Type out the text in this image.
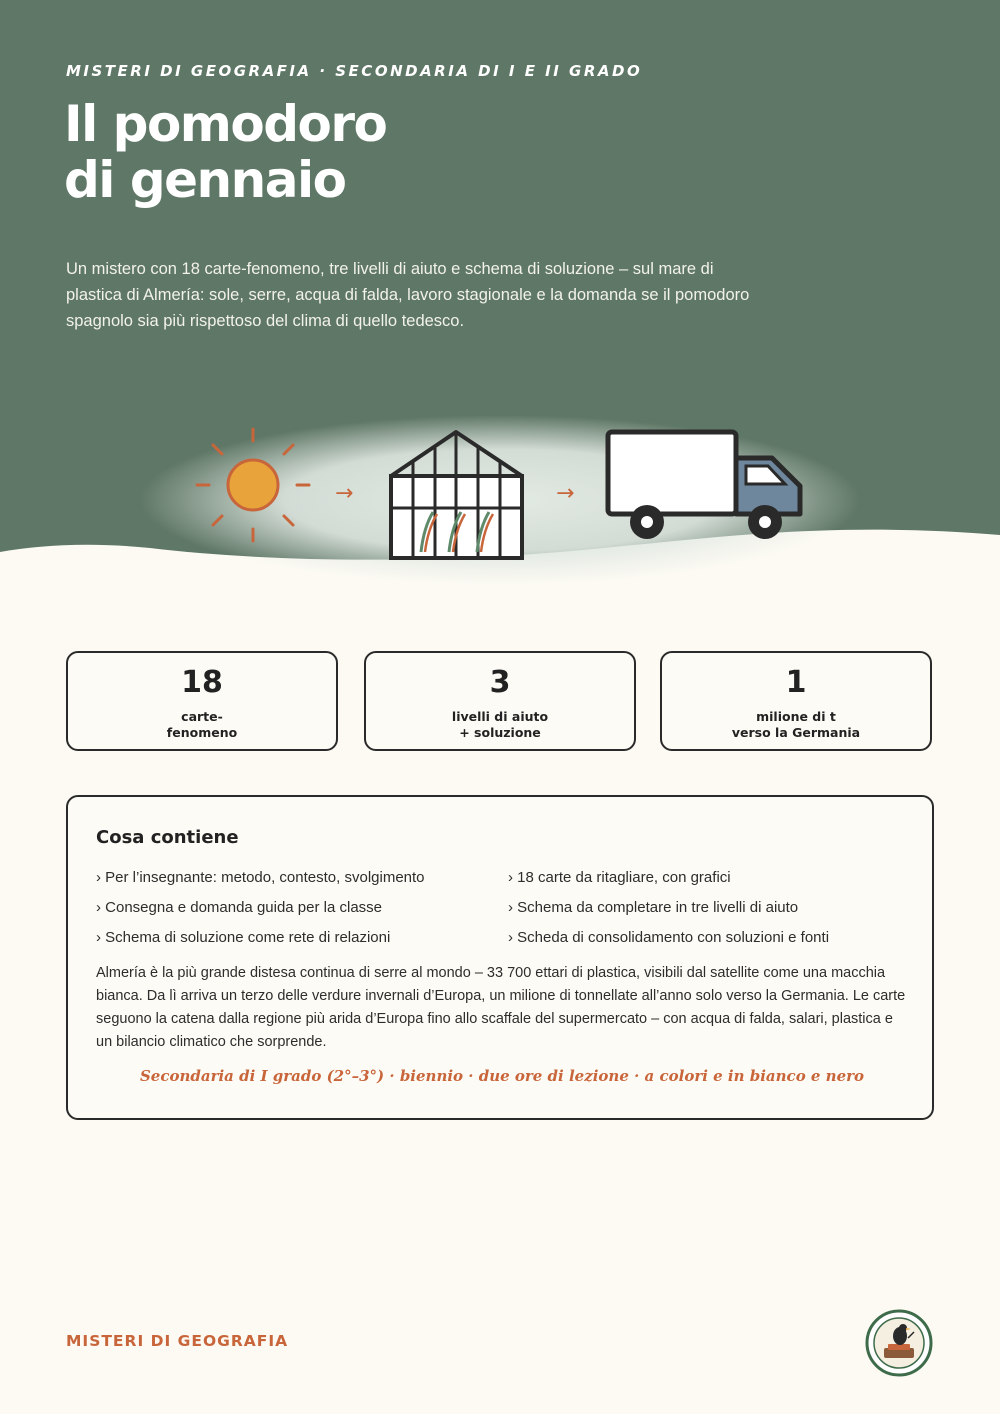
MISTERI DI GEOGRAFIA · SECONDARIA DI I E II GRADO
Il pomodoro
di gennaio

Un mistero con 18 carte-fenomeno, tre livelli di aiuto e schema di soluzione – sul mare di plastica di Almería: sole, serre, acqua di falda, lavoro stagionale e la domanda se il pomodoro spagnolo sia più rispettoso del clima di quello tedesco.

→	→
18
carte-
fenomeno
3
livelli di aiuto
+ soluzione
1
milione di t
verso la Germania
Cosa contiene
› Per l’insegnante: metodo, contesto, svolgimento
› Consegna e domanda guida per la classe
› Schema di soluzione come rete di relazioni
› 18 carte da ritagliare, con grafici
› Schema da completare in tre livelli di aiuto
› Scheda di consolidamento con soluzioni e fonti

Almería è la più grande distesa continua di serre al mondo – 33 700 ettari di plastica, visibili dal satellite come una macchia bianca. Da lì arriva un terzo delle verdure invernali d’Europa, un milione di tonnellate all’anno solo verso la Germania. Le carte seguono la catena dalla regione più arida d’Europa fino allo scaffale del supermercato – con acqua di falda, salari, plastica e un bilancio climatico che sorprende.

Secondaria di I grado (2°–3°) · biennio · due ore di lezione · a colori e in bianco e nero
MISTERI DI GEOGRAFIA
